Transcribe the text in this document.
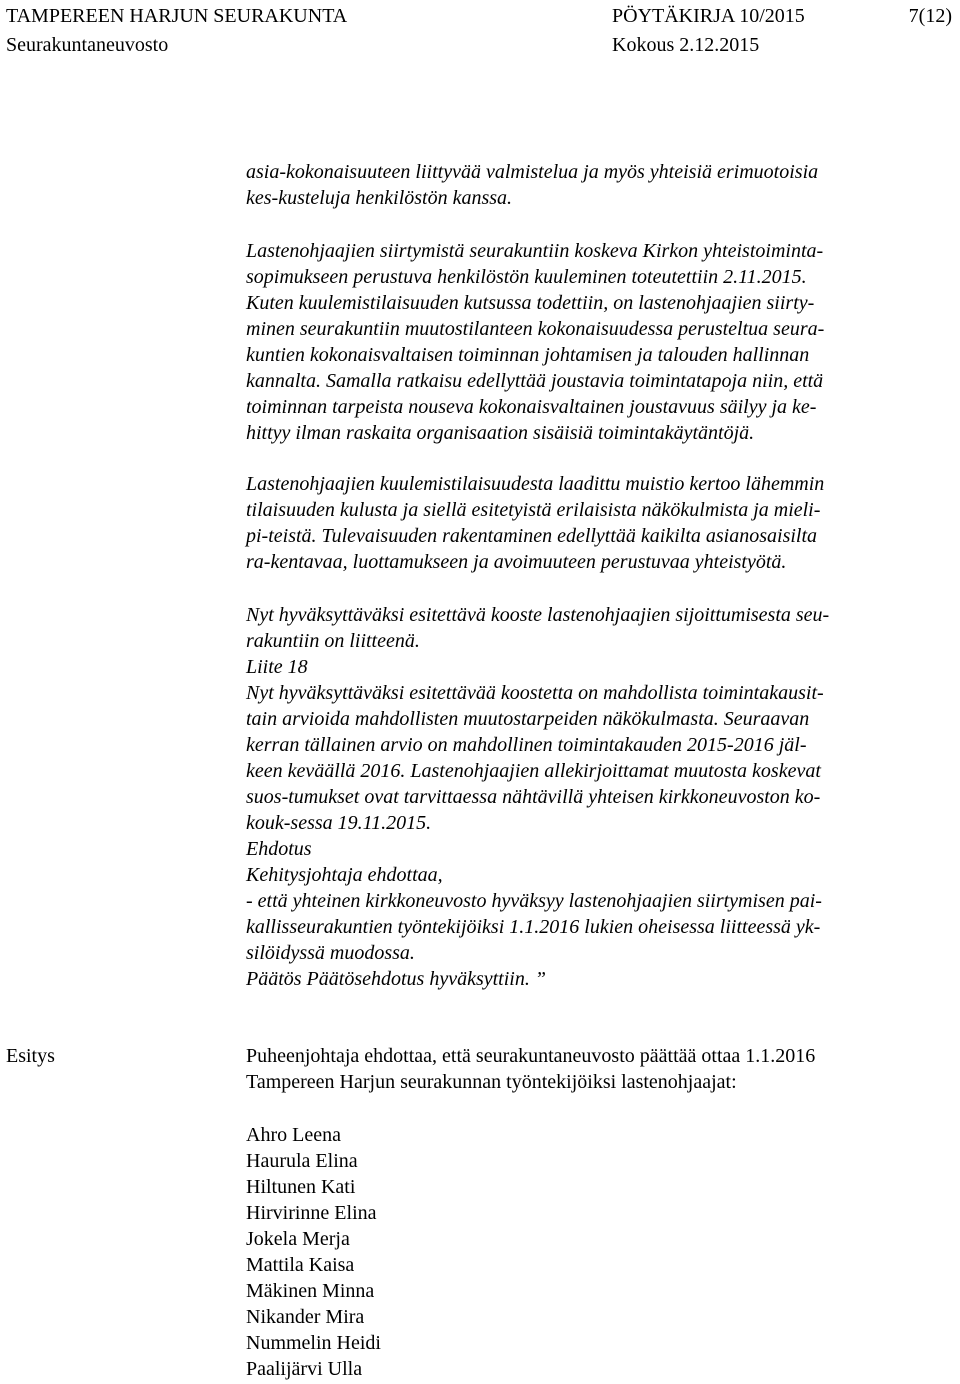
TAMPEREEN HARJUN SEURAKUNTA
Seurakuntaneuvosto
PÖYTÄKIRJA 10/2015
Kokous 2.12.2015
7(12)
asia-kokonaisuuteen liittyvää valmistelua ja myös yhteisiä erimuotoisia
kes-kusteluja henkilöstön kanssa.
Lastenohjaajien siirtymistä seurakuntiin koskeva Kirkon yhteistoiminta-
sopimukseen perustuva henkilöstön kuuleminen toteutettiin 2.11.2015.
Kuten kuulemistilaisuuden kutsussa todettiin, on lastenohjaajien siirty-
minen seurakuntiin muutostilanteen kokonaisuudessa perusteltua seura-
kuntien kokonaisvaltaisen toiminnan johtamisen ja talouden hallinnan
kannalta. Samalla ratkaisu edellyttää joustavia toimintatapoja niin, että
toiminnan tarpeista nouseva kokonaisvaltainen joustavuus säilyy ja ke-
hittyy ilman raskaita organisaation sisäisiä toimintakäytäntöjä.
Lastenohjaajien kuulemistilaisuudesta laadittu muistio kertoo lähemmin
tilaisuuden kulusta ja siellä esitetyistä erilaisista näkökulmista ja mieli-
pi-teistä. Tulevaisuuden rakentaminen edellyttää kaikilta asianosaisilta
ra-kentavaa, luottamukseen ja avoimuuteen perustuvaa yhteistyötä.
Nyt hyväksyttäväksi esitettävä kooste lastenohjaajien sijoittumisesta seu-
rakuntiin on liitteenä.
Liite 18
Nyt hyväksyttäväksi esitettävää koostetta on mahdollista toimintakausit-
tain arvioida mahdollisten muutostarpeiden näkökulmasta. Seuraavan
kerran tällainen arvio on mahdollinen toimintakauden 2015-2016 jäl-
keen keväällä 2016. Lastenohjaajien allekirjoittamat muutosta koskevat
suos-tumukset ovat tarvittaessa nähtävillä yhteisen kirkkoneuvoston ko-
kouk-sessa 19.11.2015.
Ehdotus
Kehitysjohtaja ehdottaa,
- että yhteinen kirkkoneuvosto hyväksyy lastenohjaajien siirtymisen pai-
kallisseurakuntien työntekijöiksi 1.1.2016 lukien oheisessa liitteessä yk-
silöidyssä muodossa.
Päätös Päätösehdotus hyväksyttiin. ”
Esitys	Puheenjohtaja ehdottaa, että seurakuntaneuvosto päättää ottaa 1.1.2016
Tampereen Harjun seurakunnan työntekijöiksi lastenohjaajat:
Ahro Leena
Haurula Elina
Hiltunen Kati
Hirvirinne Elina
Jokela Merja
Mattila Kaisa
Mäkinen Minna
Nikander Mira
Nummelin Heidi
Paalijärvi Ulla
